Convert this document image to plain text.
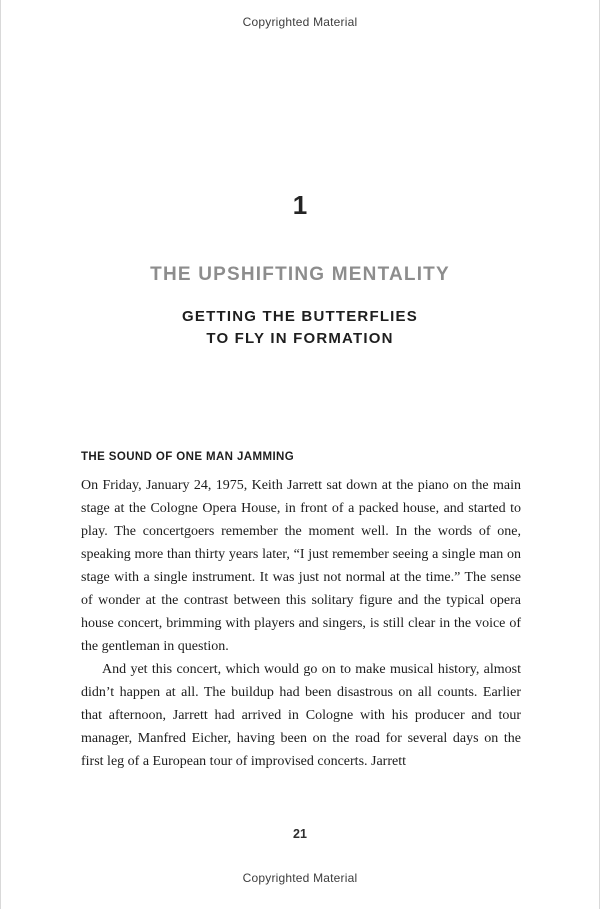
Copyrighted Material
1
THE UPSHIFTING MENTALITY
GETTING THE BUTTERFLIES
TO FLY IN FORMATION
THE SOUND OF ONE MAN JAMMING

On Friday, January 24, 1975, Keith Jarrett sat down at the piano on the main stage at the Cologne Opera House, in front of a packed house, and started to play. The concertgoers remember the moment well. In the words of one, speaking more than thirty years later, “I just remember seeing a single man on stage with a single instrument. It was just not normal at the time.” The sense of wonder at the contrast between this solitary figure and the typical opera house concert, brimming with players and singers, is still clear in the voice of the gentleman in question.

And yet this concert, which would go on to make musical history, almost didn’t happen at all. The buildup had been disastrous on all counts. Earlier that afternoon, Jarrett had arrived in Cologne with his producer and tour manager, Manfred Eicher, having been on the road for several days on the first leg of a European tour of improvised concerts. Jarrett

21
Copyrighted Material
